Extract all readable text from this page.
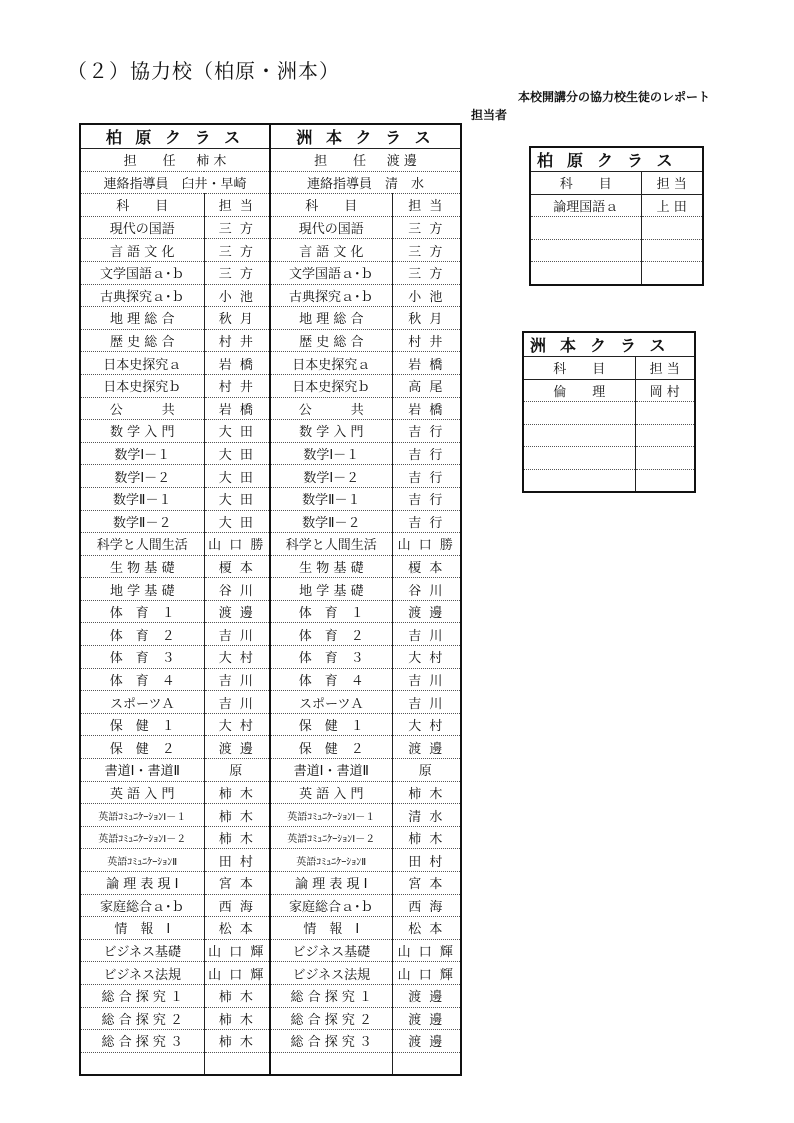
（２）協力校（柏原・洲本）
本校開講分の協力校生徒のレポート
担当者
柏 原 ク ラ ス		洲 本 ク ラ ス	
担　　任 柿 木		担　　任 渡 邊	
連絡指導員　臼井・早崎		連絡指導員　清　水	
科　　目	担 当	科　　目	担 当
現代の国語	三 方	現代の国語	三 方
言 語 文 化	三 方	言 語 文 化	三 方
文学国語ａ･ｂ	三 方	文学国語ａ･ｂ	三 方
古典探究ａ･ｂ	小 池	古典探究ａ･ｂ	小 池
地 理 総 合	秋 月	地 理 総 合	秋 月
歴 史 総 合	村 井	歴 史 総 合	村 井
日本史探究ａ	岩 橋	日本史探究ａ	岩 橋
日本史探究ｂ	村 井	日本史探究ｂ	高 尾
公　　　共	岩 橋	公　　　共	岩 橋
数 学 入 門	大 田	数 学 入 門	吉 行
数学Ⅰ－１	大 田	数学Ⅰ－１	吉 行
数学Ⅰ－２	大 田	数学Ⅰ－２	吉 行
数学Ⅱ－１	大 田	数学Ⅱ－１	吉 行
数学Ⅱ－２	大 田	数学Ⅱ－２	吉 行
科学と人間生活	山 口 勝	科学と人間生活	山 口 勝
生 物 基 礎	榎 本	生 物 基 礎	榎 本
地 学 基 礎	谷 川	地 学 基 礎	谷 川
体　育　１	渡 邊	体　育　１	渡 邊
体　育　２	吉 川	体　育　２	吉 川
体　育　３	大 村	体　育　３	大 村
体　育　４	吉 川	体　育　４	吉 川
スポーツＡ	吉 川	スポーツＡ	吉 川
保　健　１	大 村	保　健　１	大 村
保　健　２	渡 邊	保　健　２	渡 邊
書道Ⅰ・書道Ⅱ	原	書道Ⅰ・書道Ⅱ	原
英 語 入 門	柿 木	英 語 入 門	柿 木
英語ｺﾐｭﾆｹｰｼｮﾝⅠ－１	柿 木	英語ｺﾐｭﾆｹｰｼｮﾝⅠ－１	清 水
英語ｺﾐｭﾆｹｰｼｮﾝⅠ－２	柿 木	英語ｺﾐｭﾆｹｰｼｮﾝⅠ－２	柿 木
英語ｺﾐｭﾆｹｰｼｮﾝⅡ	田 村	英語ｺﾐｭﾆｹｰｼｮﾝⅡ	田 村
論 理 表 現 Ⅰ	宮 本	論 理 表 現 Ⅰ	宮 本
家庭総合ａ･ｂ	西 海	家庭総合ａ･ｂ	西 海
情　報　Ⅰ	松 本	情　報　Ⅰ	松 本
ビジネス基礎	山 口 輝	ビジネス基礎	山 口 輝
ビジネス法規	山 口 輝	ビジネス法規	山 口 輝
総 合 探 究 １	柿 木	総 合 探 究 １	渡 邊
総 合 探 究 ２	柿 木	総 合 探 究 ２	渡 邊
総 合 探 究 ３	柿 木	総 合 探 究 ３	渡 邊

柏原クラス	
科　　目	担 当
論理国語ａ	上 田

洲本クラス	
科　　目	担 当
倫　　理	岡 村
